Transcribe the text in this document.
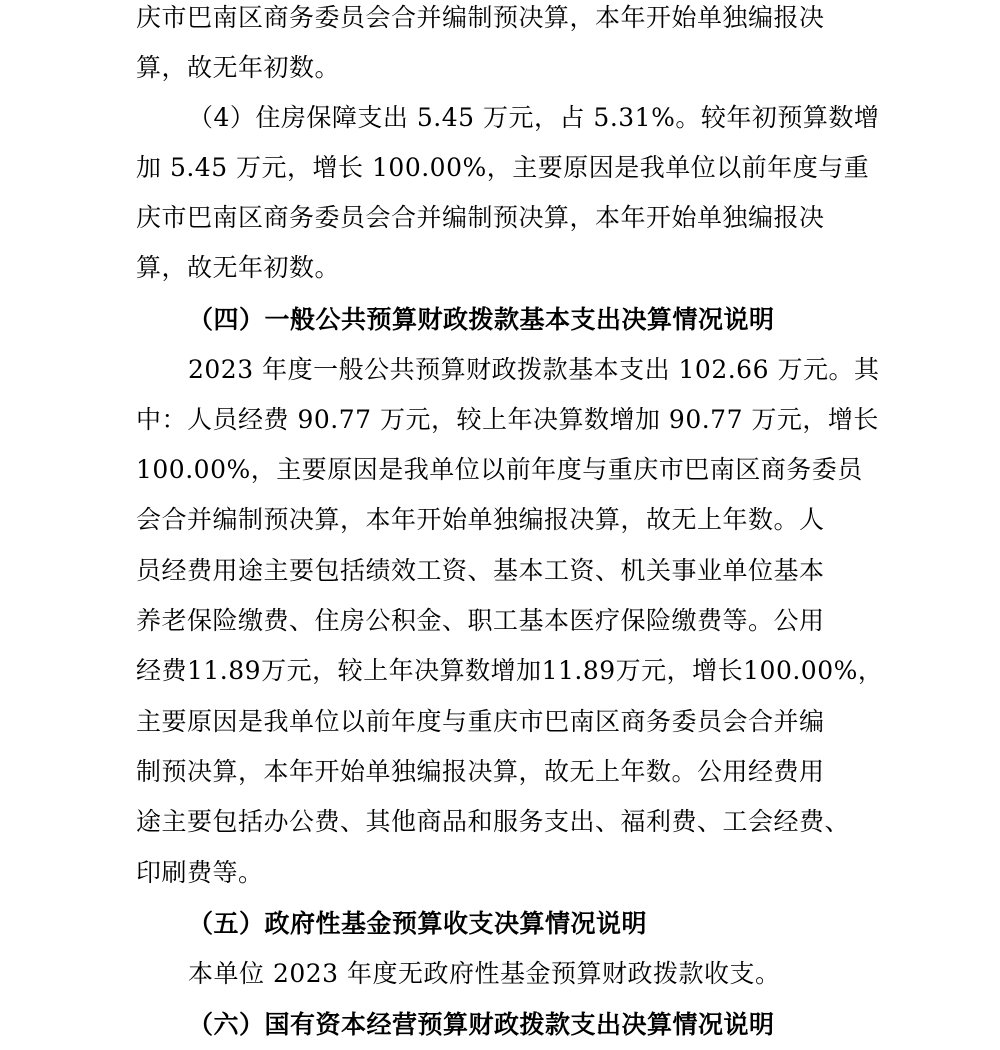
庆市巴南区商务委员会合并编制预决算，本年开始单独编报决
算，故无年初数。
（4）住房保障支出 5.45 万元，占 5.31%。较年初预算数增
加 5.45 万元，增长 100.00%，主要原因是我单位以前年度与重
庆市巴南区商务委员会合并编制预决算，本年开始单独编报决
算，故无年初数。
（四）一般公共预算财政拨款基本支出决算情况说明
2023 年度一般公共预算财政拨款基本支出 102.66 万元。其
中：人员经费 90.77 万元，较上年决算数增加 90.77 万元，增长
100.00%，主要原因是我单位以前年度与重庆市巴南区商务委员
会合并编制预决算，本年开始单独编报决算，故无上年数。人
员经费用途主要包括绩效工资、基本工资、机关事业单位基本
养老保险缴费、住房公积金、职工基本医疗保险缴费等。公用
经费11.89万元，较上年决算数增加11.89万元，增长100.00%，
主要原因是我单位以前年度与重庆市巴南区商务委员会合并编
制预决算，本年开始单独编报决算，故无上年数。公用经费用
途主要包括办公费、其他商品和服务支出、福利费、工会经费、
印刷费等。
（五）政府性基金预算收支决算情况说明
本单位 2023 年度无政府性基金预算财政拨款收支。
（六）国有资本经营预算财政拨款支出决算情况说明
